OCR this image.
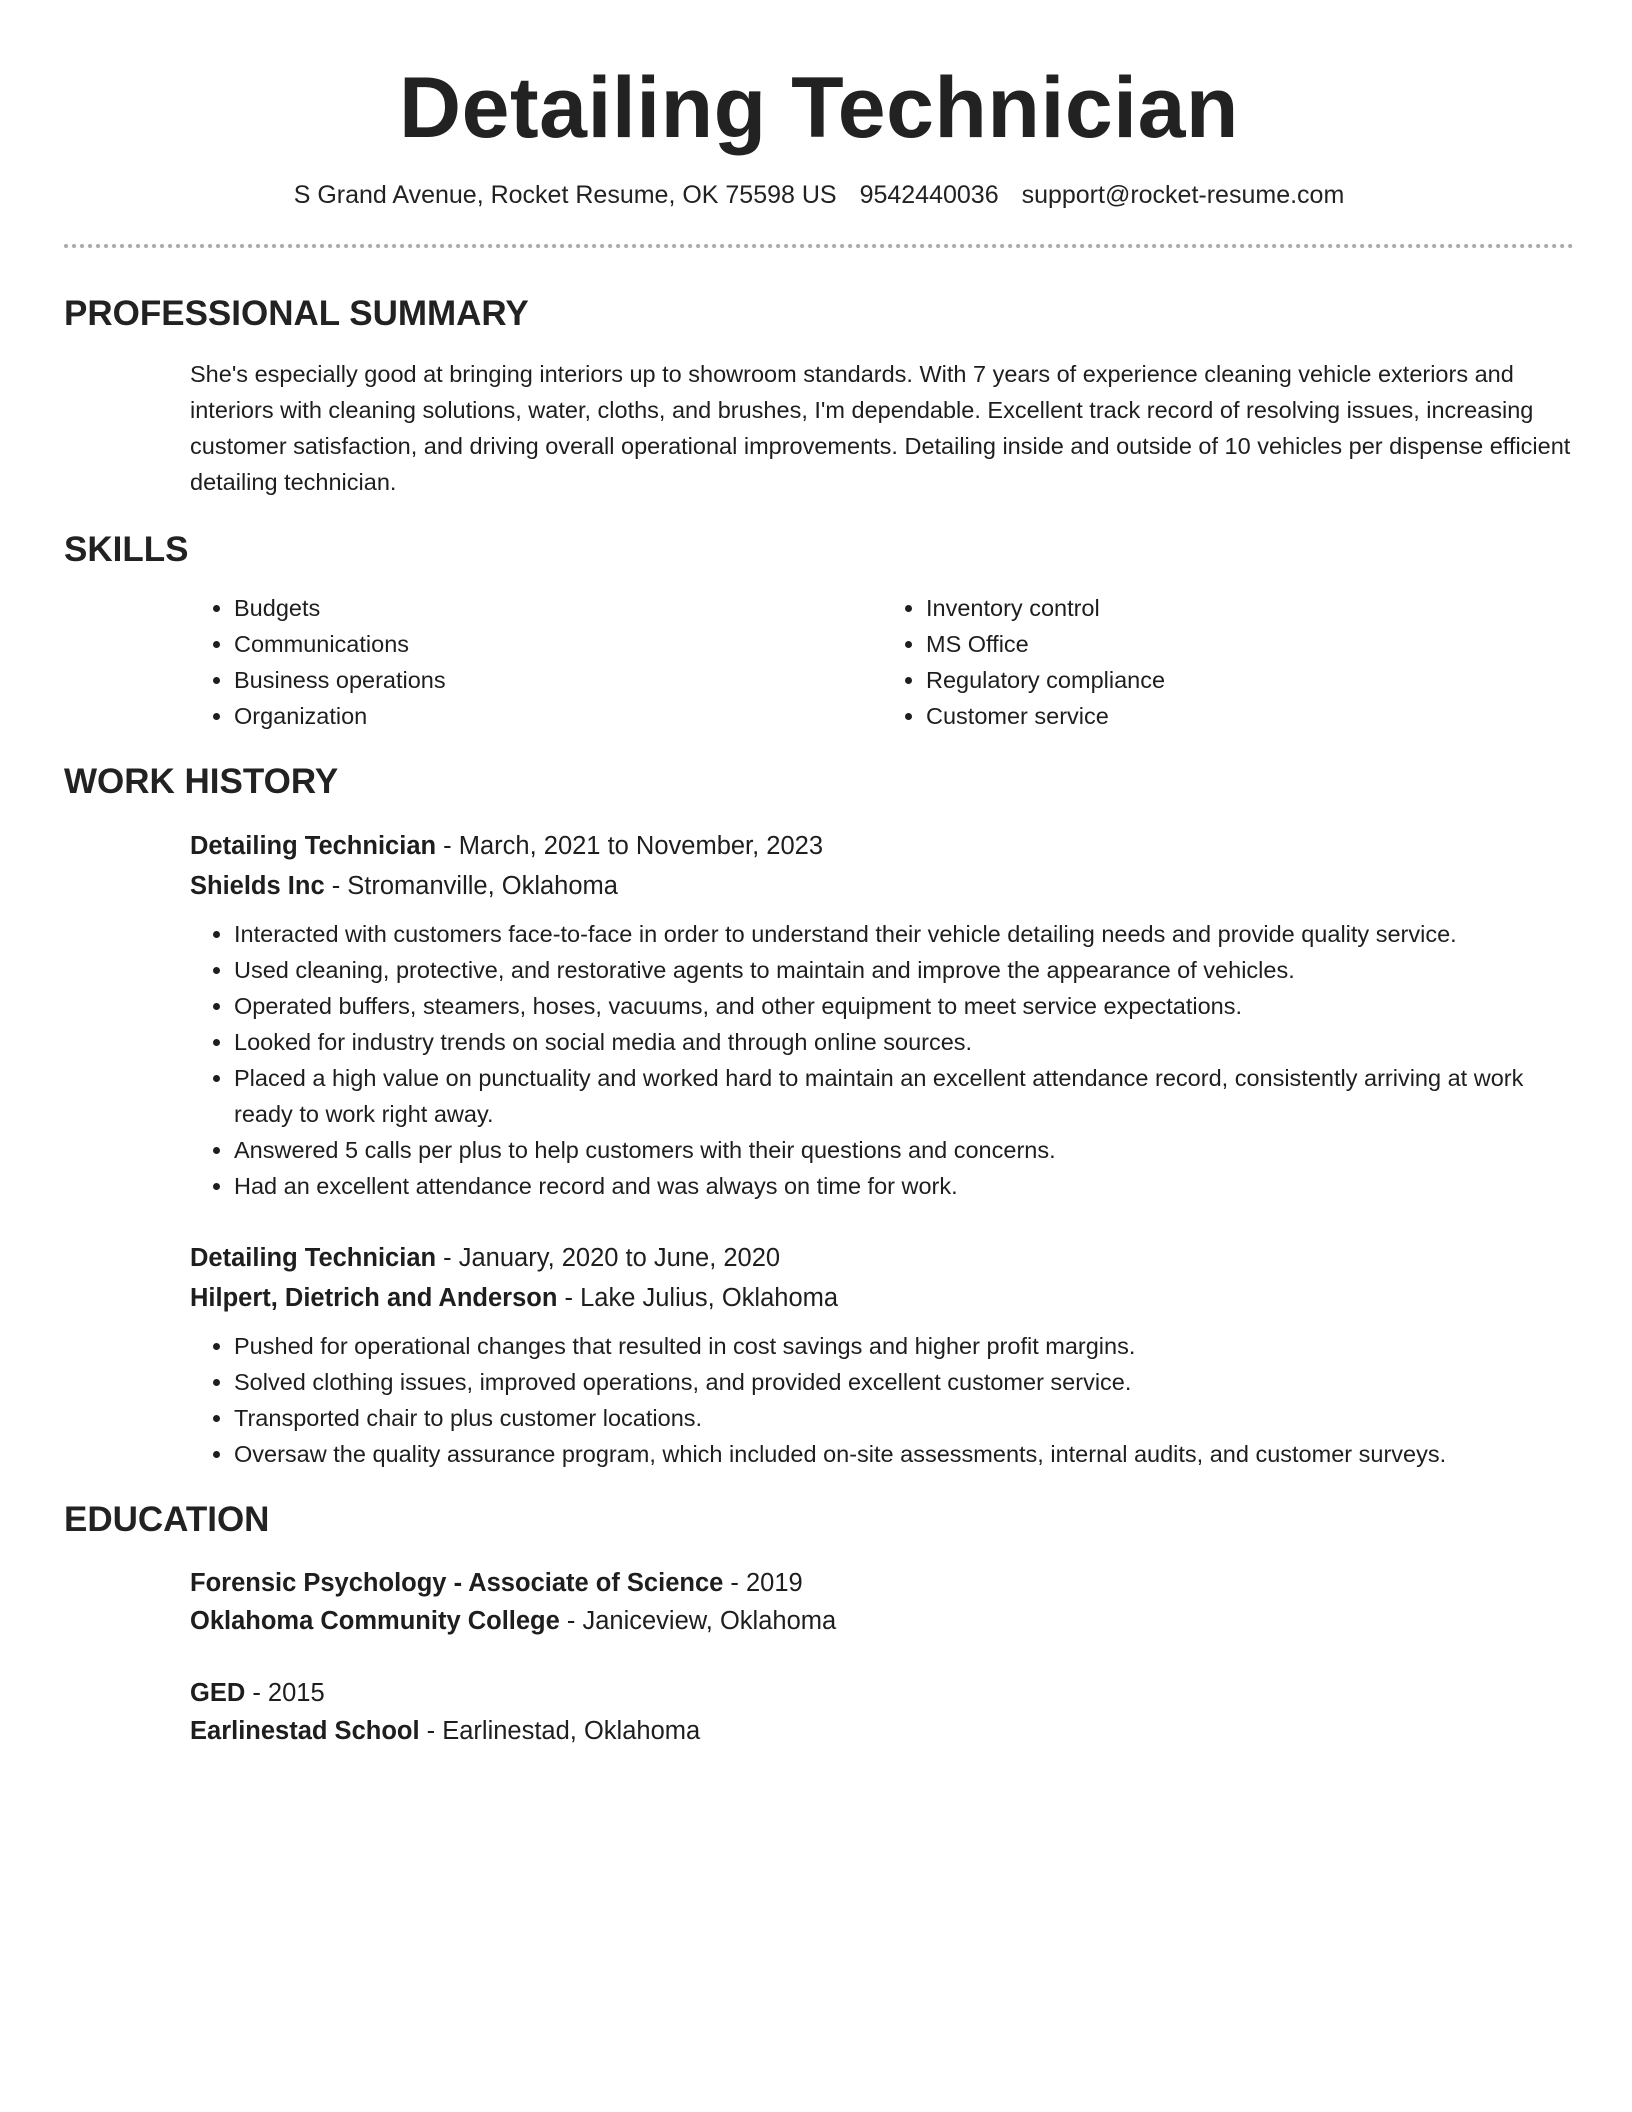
Detailing Technician
S Grand Avenue, Rocket Resume, OK 75598 US 9542440036 support@rocket-resume.com
PROFESSIONAL SUMMARY
She's especially good at bringing interiors up to showroom standards. With 7 years of experience cleaning vehicle exteriors and interiors with cleaning solutions, water, cloths, and brushes, I'm dependable. Excellent track record of resolving issues, increasing customer satisfaction, and driving overall operational improvements. Detailing inside and outside of 10 vehicles per dispense efficient detailing technician.
SKILLS
• Budgets
• Communications
• Business operations
• Organization
• Inventory control
• MS Office
• Regulatory compliance
• Customer service
WORK HISTORY
Detailing Technician - March, 2021 to November, 2023
Shields Inc - Stromanville, Oklahoma
• Interacted with customers face-to-face in order to understand their vehicle detailing needs and provide quality service.
• Used cleaning, protective, and restorative agents to maintain and improve the appearance of vehicles.
• Operated buffers, steamers, hoses, vacuums, and other equipment to meet service expectations.
• Looked for industry trends on social media and through online sources.
• Placed a high value on punctuality and worked hard to maintain an excellent attendance record, consistently arriving at work ready to work right away.
• Answered 5 calls per plus to help customers with their questions and concerns.
• Had an excellent attendance record and was always on time for work.
Detailing Technician - January, 2020 to June, 2020
Hilpert, Dietrich and Anderson - Lake Julius, Oklahoma
• Pushed for operational changes that resulted in cost savings and higher profit margins.
• Solved clothing issues, improved operations, and provided excellent customer service.
• Transported chair to plus customer locations.
• Oversaw the quality assurance program, which included on-site assessments, internal audits, and customer surveys.
EDUCATION
Forensic Psychology - Associate of Science - 2019
Oklahoma Community College - Janiceview, Oklahoma
GED - 2015
Earlinestad School - Earlinestad, Oklahoma
